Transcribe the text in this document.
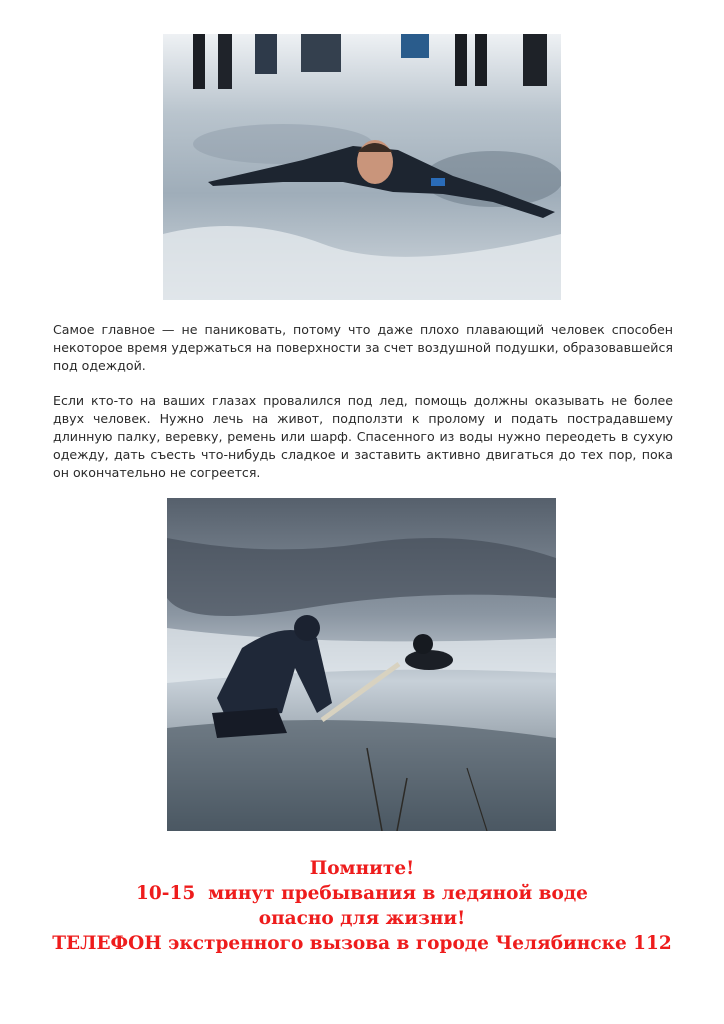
Самое главное — не паниковать, потому что даже плохо плавающий человек способен некоторое время удержаться на поверхности за счет воздушной подушки, образовавшейся под одеждой.

Если кто-то на ваших глазах провалился под лед, помощь должны оказывать не более двух человек. Нужно лечь на живот, подползти к пролому и подать пострадавшему длинную палку, веревку, ремень или шарф. Спасенного из воды нужно переодеть в сухую одежду, дать съесть что-нибудь сладкое и заставить активно двигаться до тех пор, пока он окончательно не согреется.

Помните!
10-15  минут пребывания в ледяной воде
опасно для жизни!
ТЕЛЕФОН экстренного вызова в городе Челябинске 112
